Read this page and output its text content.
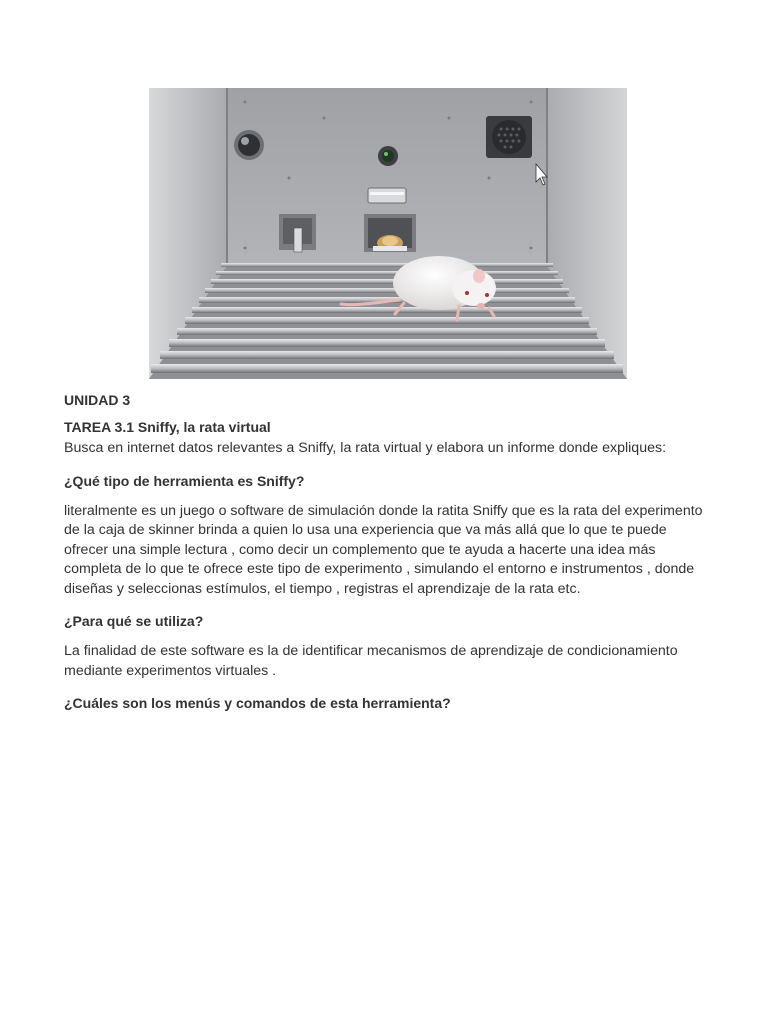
UNIDAD 3
TAREA 3.1 Sniffy, la rata virtual

Busca en internet datos relevantes a Sniffy, la rata virtual y elabora un informe donde expliques:

¿Qué tipo de herramienta es Sniffy?

literalmente es un juego o software de simulación donde la ratita Sniffy que es la rata del experimento de la caja de skinner brinda a quien lo usa una experiencia que va más allá que lo que te puede ofrecer una simple lectura , como decir un complemento que te ayuda a hacerte una idea más completa de lo que te ofrece este tipo de experimento , simulando el entorno e instrumentos , donde diseñas y seleccionas estímulos, el tiempo , registras el aprendizaje de la rata etc.

¿Para qué se utiliza?

La finalidad de este software es la de identificar mecanismos de aprendizaje de condicionamiento mediante experimentos virtuales .

¿Cuáles son los menús y comandos de esta herramienta?
